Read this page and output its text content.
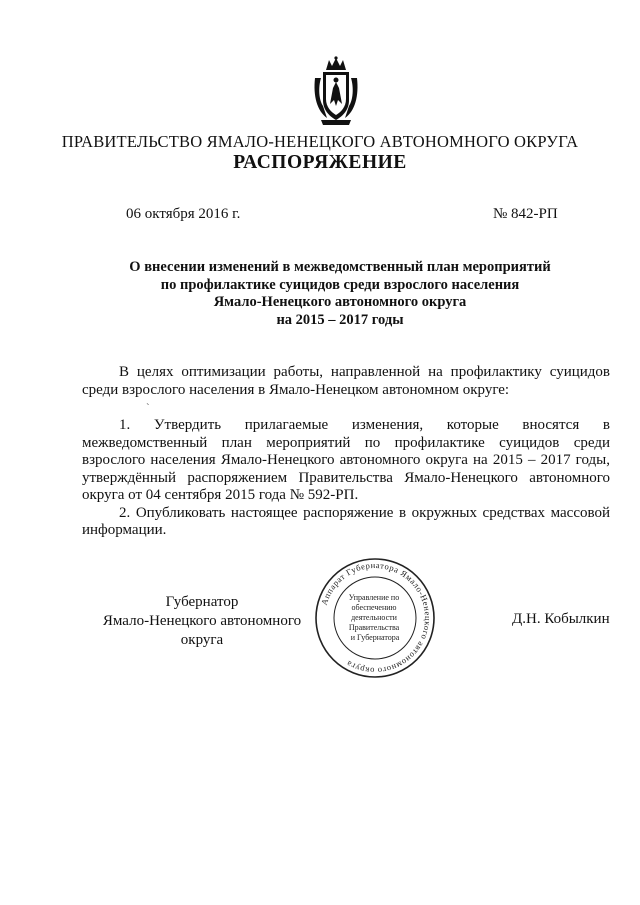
ПРАВИТЕЛЬСТВО ЯМАЛО-НЕНЕЦКОГО АВТОНОМНОГО ОКРУГА
РАСПОРЯЖЕНИЕ
06 октября 2016 г.	№ 842-РП
О внесении изменений в межведомственный план мероприятий
по профилактике суицидов среди взрослого населения
Ямало-Ненецкого автономного округа
на 2015 – 2017 годы

В целях оптимизации работы, направленной на профилактику суицидов среди взрослого населения в Ямало-Ненецком автономном округе:

`

1. Утвердить прилагаемые изменения, которые вносятся в межведомственный план мероприятий по профилактике суицидов среди взрослого населения Ямало-Ненецкого автономного округа на 2015 – 2017 годы, утверждённый распоряжением Правительства Ямало-Ненецкого автономного округа от 04 сентября 2015 года № 592-РП.

2. Опубликовать настоящее распоряжение в окружных средствах массовой информации.

Губернатор
Ямало-Ненецкого автономного округа
Д.Н. Кобылкин
Аппарат Губернатора Ямало-Ненецкого автономного округа
Управление по обеспечению деятельности Правительства и Губернатора
